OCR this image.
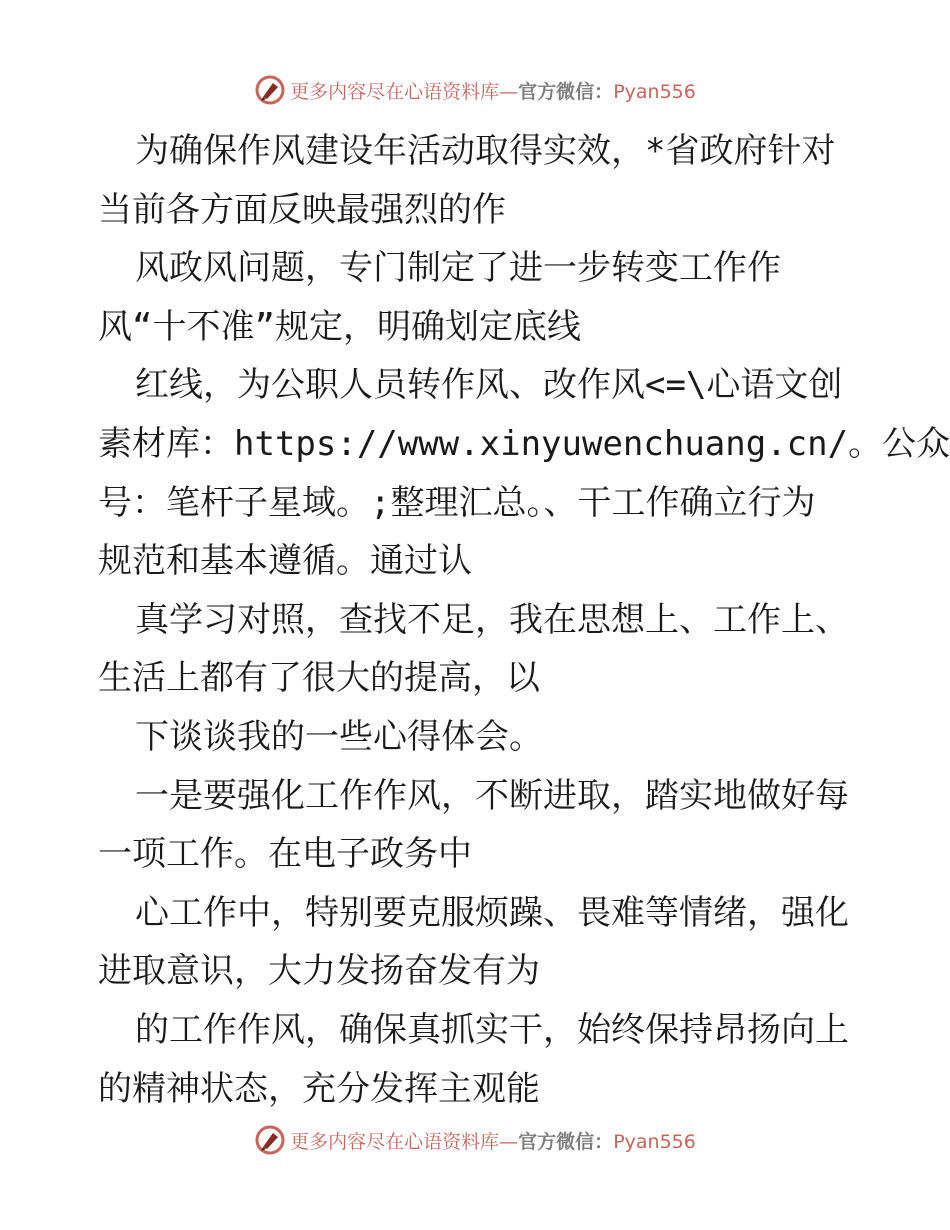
更多内容尽在心语资料库—官方微信：Pyan556
为确保作风建设年活动取得实效，*省政府针对
当前各方面反映最强烈的作
风政风问题，专门制定了进一步转变工作作
风“十不准”规定，明确划定底线
红线，为公职人员转作风、改作风<=\心语文创
素材库：https://www.xinyuwenchuang.cn/。公众
号：笔杆子星域。;整理汇总。、干工作确立行为
规范和基本遵循。通过认
真学习对照，查找不足，我在思想上、工作上、
生活上都有了很大的提高，以
下谈谈我的一些心得体会。
一是要强化工作作风，不断进取，踏实地做好每
一项工作。在电子政务中
心工作中，特别要克服烦躁、畏难等情绪，强化
进取意识，大力发扬奋发有为
的工作作风，确保真抓实干，始终保持昂扬向上
的精神状态，充分发挥主观能
更多内容尽在心语资料库—官方微信：Pyan556
